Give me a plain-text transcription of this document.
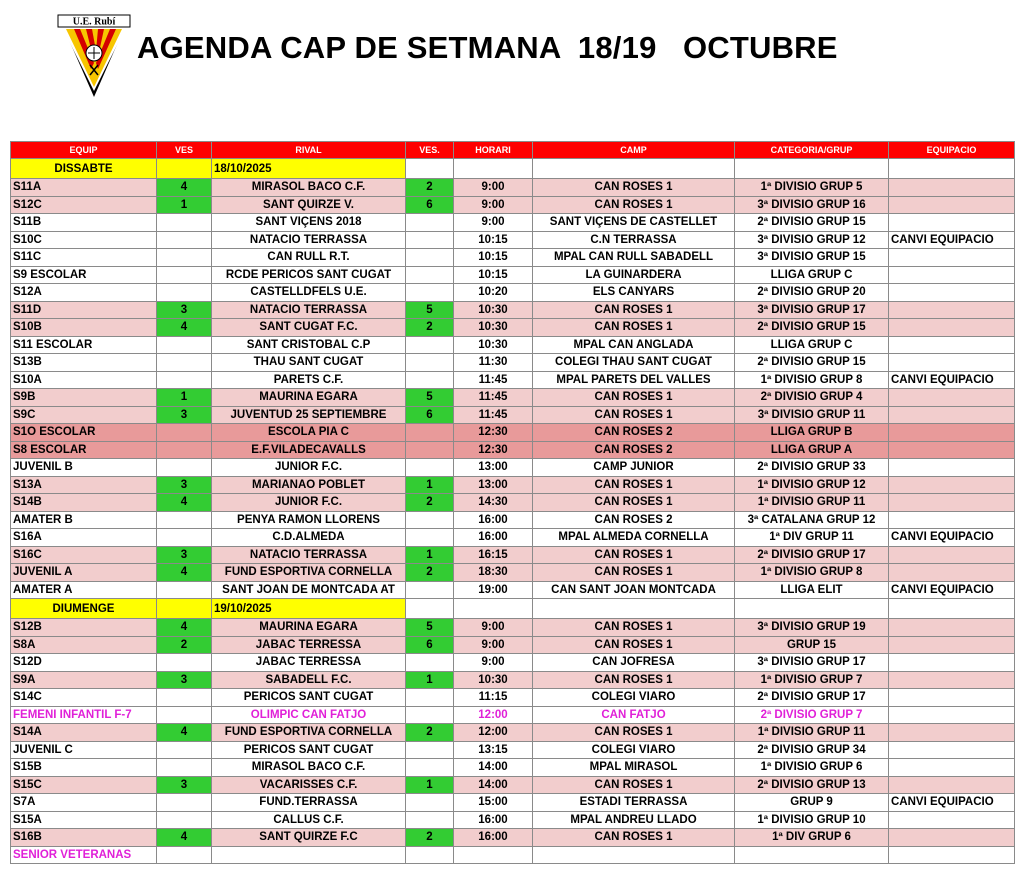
U.E. Rubí
AGENDA CAP DE SETMANA  18/19   OCTUBRE
EQUIP	VES	RIVAL	VES.	HORARI	CAMP	CATEGORIA/GRUP	EQUIPACIO
DISSABTE		18/10/2025					
S11A	4	MIRASOL BACO C.F.	2	9:00	CAN ROSES 1	1ª DIVISIO GRUP 5	
S12C	1	SANT QUIRZE V.	6	9:00	CAN ROSES 1	3ª DIVISIO GRUP 16	
S11B		SANT VIÇENS 2018		9:00	SANT VIÇENS DE CASTELLET	2ª DIVISIO GRUP 15	
S10C		NATACIO TERRASSA		10:15	C.N TERRASSA	3ª DIVISIO GRUP 12	CANVI EQUIPACIO
S11C		CAN RULL R.T.		10:15	MPAL CAN RULL SABADELL	3ª DIVISIO GRUP 15	
S9 ESCOLAR		RCDE PERICOS SANT CUGAT		10:15	LA GUINARDERA	LLIGA GRUP C	
S12A		CASTELLDFELS U.E.		10:20	ELS CANYARS	2ª DIVISIO GRUP 20	
S11D	3	NATACIO TERRASSA	5	10:30	CAN ROSES 1	3ª DIVISIO GRUP 17	
S10B	4	SANT CUGAT F.C.	2	10:30	CAN ROSES 1	2ª DIVISIO GRUP 15	
S11 ESCOLAR		SANT CRISTOBAL C.P		10:30	MPAL CAN ANGLADA	LLIGA GRUP C	
S13B		THAU SANT CUGAT		11:30	COLEGI THAU SANT CUGAT	2ª DIVISIO GRUP 15	
S10A		PARETS C.F.		11:45	MPAL PARETS DEL VALLES	1ª DIVISIO GRUP 8	CANVI EQUIPACIO
S9B	1	MAURINA EGARA	5	11:45	CAN ROSES 1	2ª DIVISIO GRUP 4	
S9C	3	JUVENTUD 25 SEPTIEMBRE	6	11:45	CAN ROSES 1	3ª DIVISIO GRUP 11	
S1O ESCOLAR		ESCOLA PIA C		12:30	CAN ROSES 2	LLIGA GRUP B	
S8 ESCOLAR		E.F.VILADECAVALLS		12:30	CAN ROSES 2	LLIGA GRUP A	
JUVENIL B		JUNIOR F.C.		13:00	CAMP JUNIOR	2ª DIVISIO GRUP 33	
S13A	3	MARIANAO POBLET	1	13:00	CAN ROSES 1	1ª DIVISIO GRUP 12	
S14B	4	JUNIOR F.C.	2	14:30	CAN ROSES 1	1ª DIVISIO GRUP 11	
AMATER B		PENYA RAMON LLORENS		16:00	CAN ROSES 2	3ª CATALANA GRUP 12	
S16A		C.D.ALMEDA		16:00	MPAL ALMEDA CORNELLA	1ª DIV GRUP 11	CANVI EQUIPACIO
S16C	3	NATACIO TERRASSA	1	16:15	CAN ROSES 1	2ª DIVISIO GRUP 17	
JUVENIL A	4	FUND ESPORTIVA CORNELLA	2	18:30	CAN ROSES 1	1ª DIVISIO GRUP 8	
AMATER A		SANT JOAN DE MONTCADA AT		19:00	CAN SANT JOAN MONTCADA	LLIGA ELIT	CANVI EQUIPACIO
DIUMENGE		19/10/2025					
S12B	4	MAURINA EGARA	5	9:00	CAN ROSES 1	3ª DIVISIO GRUP 19	
S8A	2	JABAC TERRESSA	6	9:00	CAN ROSES 1	GRUP 15	
S12D		JABAC TERRESSA		9:00	CAN JOFRESA	3ª DIVISIO GRUP 17	
S9A	3	SABADELL F.C.	1	10:30	CAN ROSES 1	1ª DIVISIO GRUP 7	
S14C		PERICOS SANT CUGAT		11:15	COLEGI VIARO	2ª DIVISIO GRUP 17	
FEMENI INFANTIL F-7		OLIMPIC CAN FATJO		12:00	CAN FATJO	2ª DIVISIO GRUP 7	
S14A	4	FUND ESPORTIVA CORNELLA	2	12:00	CAN ROSES 1	1ª DIVISIO GRUP 11	
JUVENIL C		PERICOS SANT CUGAT		13:15	COLEGI VIARO	2ª DIVISIO GRUP 34	
S15B		MIRASOL BACO C.F.		14:00	MPAL MIRASOL	1ª DIVISIO GRUP 6	
S15C	3	VACARISSES C.F.	1	14:00	CAN ROSES 1	2ª DIVISIO GRUP 13	
S7A		FUND.TERRASSA		15:00	ESTADI TERRASSA	GRUP 9	CANVI EQUIPACIO
S15A		CALLUS C.F.		16:00	MPAL ANDREU LLADO	1ª DIVISIO GRUP 10	
S16B	4	SANT QUIRZE F.C	2	16:00	CAN ROSES 1	1ª DIV GRUP 6	
SENIOR VETERANAS							
